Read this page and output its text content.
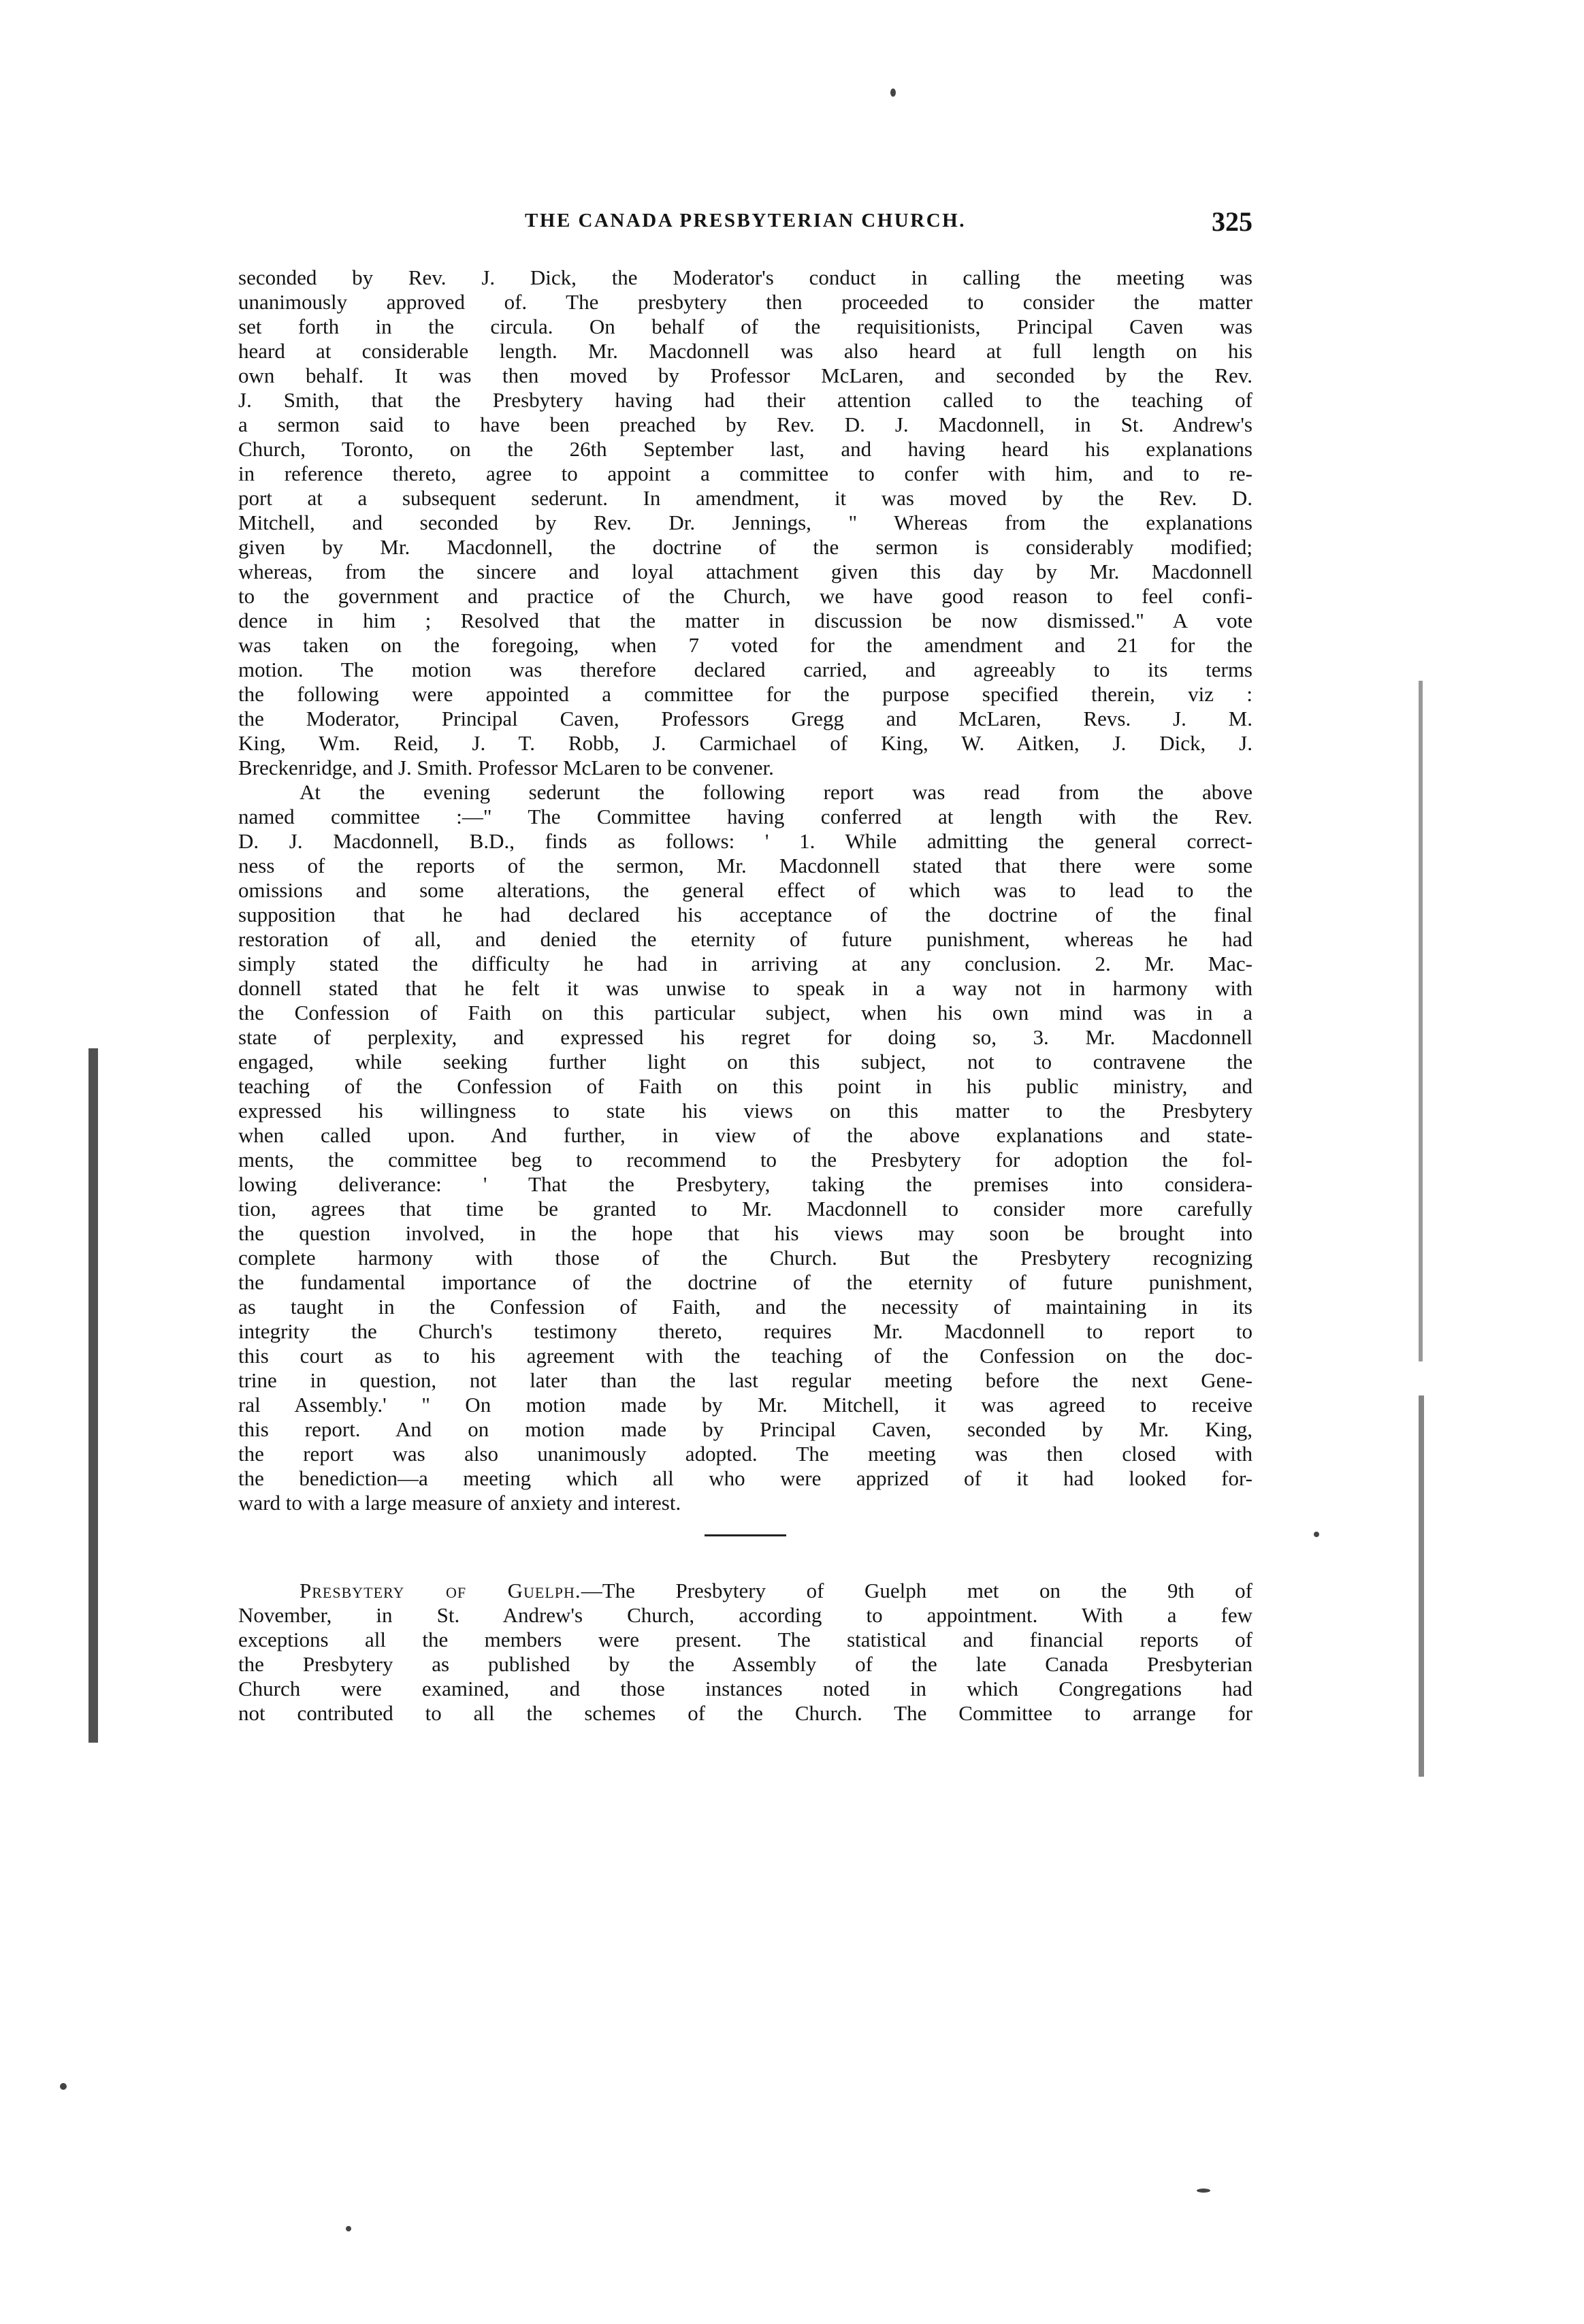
THE CANADA PRESBYTERIAN CHURCH.	325
seconded by Rev. J. Dick, the Moderator's conduct in calling the meeting was
unanimously approved of. The presbytery then proceeded to consider the matter
set forth in the circula. On behalf of the requisitionists, Principal Caven was
heard at considerable length. Mr. Macdonnell was also heard at full length on his
own behalf. It was then moved by Professor McLaren, and seconded by the Rev.
J. Smith, that the Presbytery having had their attention called to the teaching of
a sermon said to have been preached by Rev. D. J. Macdonnell, in St. Andrew's
Church, Toronto, on the 26th September last, and having heard his explanations
in reference thereto, agree to appoint a committee to confer with him, and to re-
port at a subsequent sederunt. In amendment, it was moved by the Rev. D.
Mitchell, and seconded by Rev. Dr. Jennings, " Whereas from the explanations
given by Mr. Macdonnell, the doctrine of the sermon is considerably modified;
whereas, from the sincere and loyal attachment given this day by Mr. Macdonnell
to the government and practice of the Church, we have good reason to feel confi-
dence in him ; Resolved that the matter in discussion be now dismissed." A vote
was taken on the foregoing, when 7 voted for the amendment and 21 for the
motion. The motion was therefore declared carried, and agreeably to its terms
the following were appointed a committee for the purpose specified therein, viz :
the Moderator, Principal Caven, Professors Gregg and McLaren, Revs. J. M.
King, Wm. Reid, J. T. Robb, J. Carmichael of King, W. Aitken, J. Dick, J.
Breckenridge, and J. Smith. Professor McLaren to be convener.
At the evening sederunt the following report was read from the above
named committee :—" The Committee having conferred at length with the Rev.
D. J. Macdonnell, B.D., finds as follows: ' 1. While admitting the general correct-
ness of the reports of the sermon, Mr. Macdonnell stated that there were some
omissions and some alterations, the general effect of which was to lead to the
supposition that he had declared his acceptance of the doctrine of the final
restoration of all, and denied the eternity of future punishment, whereas he had
simply stated the difficulty he had in arriving at any conclusion. 2. Mr. Mac-
donnell stated that he felt it was unwise to speak in a way not in harmony with
the Confession of Faith on this particular subject, when his own mind was in a
state of perplexity, and expressed his regret for doing so, 3. Mr. Macdonnell
engaged, while seeking further light on this subject, not to contravene the
teaching of the Confession of Faith on this point in his public ministry, and
expressed his willingness to state his views on this matter to the Presbytery
when called upon. And further, in view of the above explanations and state-
ments, the committee beg to recommend to the Presbytery for adoption the fol-
lowing deliverance: ' That the Presbytery, taking the premises into considera-
tion, agrees that time be granted to Mr. Macdonnell to consider more carefully
the question involved, in the hope that his views may soon be brought into
complete harmony with those of the Church. But the Presbytery recognizing
the fundamental importance of the doctrine of the eternity of future punishment,
as taught in the Confession of Faith, and the necessity of maintaining in its
integrity the Church's testimony thereto, requires Mr. Macdonnell to report to
this court as to his agreement with the teaching of the Confession on the doc-
trine in question, not later than the last regular meeting before the next Gene-
ral Assembly.' " On motion made by Mr. Mitchell, it was agreed to receive
this report. And on motion made by Principal Caven, seconded by Mr. King,
the report was also unanimously adopted. The meeting was then closed with
the benediction—a meeting which all who were apprized of it had looked for-
ward to with a large measure of anxiety and interest.
Presbytery of Guelph.—The Presbytery of Guelph met on the 9th of
November, in St. Andrew's Church, according to appointment. With a few
exceptions all the members were present. The statistical and financial reports of
the Presbytery as published by the Assembly of the late Canada Presbyterian
Church were examined, and those instances noted in which Congregations had
not contributed to all the schemes of the Church. The Committee to arrange for
